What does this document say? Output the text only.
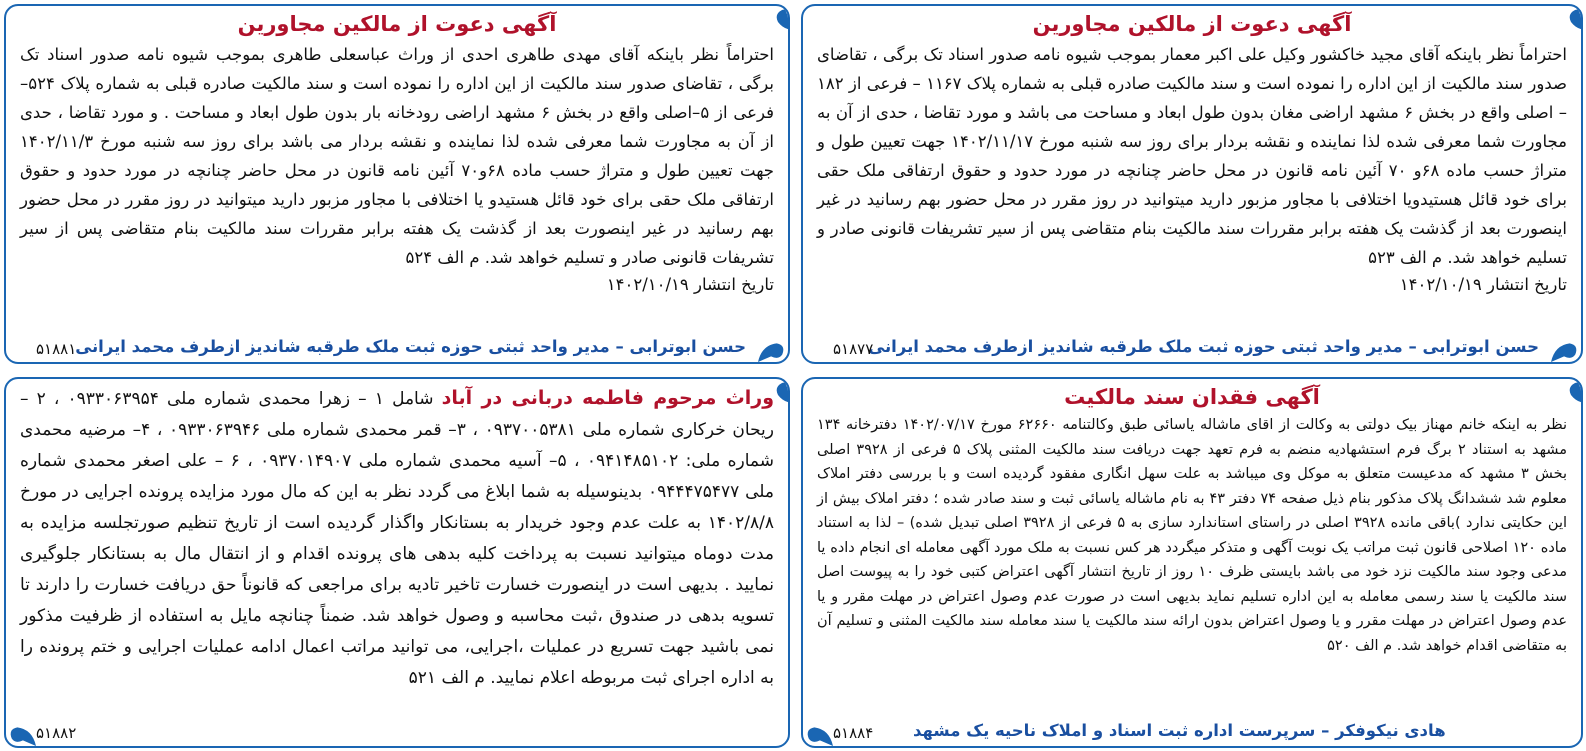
آگهی دعوت از مالکین مجاورین
احتراماً نظر باینکه آقای مجید خاکشور وکیل علی اکبر معمار بموجب شیوه نامه صدور اسناد تک برگی ، تقاضای صدور سند مالکیت از این اداره را نموده است و سند مالکیت صادره قبلی به شماره پلاک ۱۱۶۷ – فرعی از ۱۸۲ – اصلی واقع در بخش ۶ مشهد اراضی مغان بدون طول ابعاد و مساحت می باشد و مورد تقاضا ، حدی از آن به مجاورت شما معرفی شده لذا نماینده و نقشه بردار برای روز سه شنبه مورخ ۱۴۰۲/۱۱/۱۷ جهت تعیین طول و متراژ حسب ماده ۶۸و ۷۰ آئین نامه قانون در محل حاضر چنانچه در مورد حدود و حقوق ارتفاقی ملک حقی برای خود قائل هستیدویا اختلافی با مجاور مزبور دارید میتوانید در روز مقرر در محل حضور بهم رسانید در غیر اینصورت بعد از گذشت یک هفته برابر مقررات سند مالکیت بنام متقاضی پس از سیر تشریفات قانونی صادر و تسلیم خواهد شد. م الف ۵۲۳
تاریخ انتشار ۱۴۰۲/۱۰/۱۹
حسن ابوترابی – مدیر واحد ثبتی حوزه ثبت ملک طرقبه شاندیز ازطرف محمد ایرانی
۵۱۸۷۷
آگهی دعوت از مالکین مجاورین
احتراماً نظر باینکه آقای مهدی طاهری احدی از وراث عباسعلی طاهری بموجب شیوه نامه صدور اسناد تک برگی ، تقاضای صدور سند مالکیت از این اداره را نموده است و سند مالکیت صادره قبلی به شماره پلاک ۵۲۴–فرعی از ۵–اصلی واقع در بخش ۶ مشهد اراضی رودخانه بار بدون طول ابعاد و مساحت . و مورد تقاضا ، حدی از آن به مجاورت شما معرفی شده لذا نماینده و نقشه بردار می باشد برای روز سه شنبه مورخ ۱۴۰۲/۱۱/۳ جهت تعیین طول و متراژ حسب ماده ۶۸و۷۰ آئین نامه قانون در محل حاضر چنانچه در مورد حدود و حقوق ارتفاقی ملک حقی برای خود قائل هستیدو یا اختلافی با مجاور مزبور دارید میتوانید در روز مقرر در محل حضور بهم رسانید در غیر اینصورت بعد از گذشت یک هفته برابر مقررات سند مالکیت بنام متقاضی پس از سیر تشریفات قانونی صادر و تسلیم خواهد شد. م الف ۵۲۴
تاریخ انتشار ۱۴۰۲/۱۰/۱۹
حسن ابوترابی – مدیر واحد ثبتی حوزه ثبت ملک طرقبه شاندیز ازطرف محمد ایرانی
۵۱۸۸۱
آگهی فقدان سند مالکیت
نظر به اینکه خانم مهناز بیک دولتی به وکالت از اقای ماشاله یاسائی طبق وکالتنامه ۶۲۶۶۰ مورخ ۱۴۰۲/۰۷/۱۷ دفترخانه ۱۳۴ مشهد به استناد ۲ برگ فرم استشهادیه منضم به فرم تعهد جهت دریافت سند مالکیت المثنی پلاک ۵ فرعی از ۳۹۲۸ اصلی بخش ۳ مشهد که مدعیست متعلق به موکل وی میباشد به علت سهل انگاری مفقود گردیده است و با بررسی دفتر املاک معلوم شد ششدانگ پلاک مذکور بنام ذیل صفحه ۷۴ دفتر ۴۳ به نام ماشاله یاسائی ثبت و سند صادر شده ؛ دفتر املاک بیش از این حکایتی ندارد )باقی مانده ۳۹۲۸ اصلی در راستای استاندارد سازی به ۵ فرعی از ۳۹۲۸ اصلی تبدیل شده) – لذا به استناد ماده ۱۲۰ اصلاحی قانون ثبت مراتب یک نوبت آگهی و متذکر میگردد هر کس نسبت به ملک مورد آگهی معامله ای انجام داده یا مدعی وجود سند مالکیت نزد خود می باشد بایستی ظرف ۱۰ روز از تاریخ انتشار آگهی اعتراض کتبی خود را به پیوست اصل سند مالکیت یا سند رسمی معامله به این اداره تسلیم نماید بدیهی است در صورت عدم وصول اعتراض در مهلت مقرر و یا عدم وصول اعتراض در مهلت مقرر و یا وصول اعتراض بدون ارائه سند مالکیت یا سند معامله سند مالکیت المثنی و تسلیم آن به متقاضی اقدام خواهد شد. م الف ۵۲۰
هادی نیکوفکر – سرپرست اداره ثبت اسناد و املاک ناحیه یک مشهد
۵۱۸۸۴
وراث مرحوم فاطمه دربانی در آباد شامل ۱ – زهرا محمدی شماره ملی ۰۹۳۳۰۶۳۹۵۴ ، ۲ – ریحان خرکاری شماره ملی ۰۹۳۷۰۰۵۳۸۱ ، ۳– قمر محمدی شماره ملی ۰۹۳۳۰۶۳۹۴۶ ، ۴– مرضیه محمدی شماره ملی: ۰۹۴۱۴۸۵۱۰۲ ، ۵– آسیه محمدی شماره ملی ۰۹۳۷۰۱۴۹۰۷ ، ۶ – علی اصغر محمدی شماره ملی ۰۹۴۴۴۷۵۴۷۷ بدینوسیله به شما ابلاغ می گردد نظر به این که مال مورد مزایده پرونده اجرایی در مورخ ۱۴۰۲/۸/۸ به علت عدم وجود خریدار به بستانکار واگذار گردیده است از تاریخ تنظیم صورتجلسه مزایده به مدت دوماه میتوانید نسبت به پرداخت کلیه بدهی های پرونده اقدام و از انتقال مال به بستانکار جلوگیری نمایید . بدیهی است در اینصورت خسارت تاخیر تادیه برای مراجعی که قانوناً حق دریافت خسارت را دارند تا تسویه بدهی در صندوق ،ثبت محاسبه و وصول خواهد شد. ضمناً چنانچه مایل به استفاده از ظرفیت مذکور نمی باشید جهت تسریع در عملیات ،اجرایی، می توانید مراتب اعمال ادامه عملیات اجرایی و ختم پرونده را به اداره اجرای ثبت مربوطه اعلام نمایید. م الف ۵۲۱
۵۱۸۸۲
